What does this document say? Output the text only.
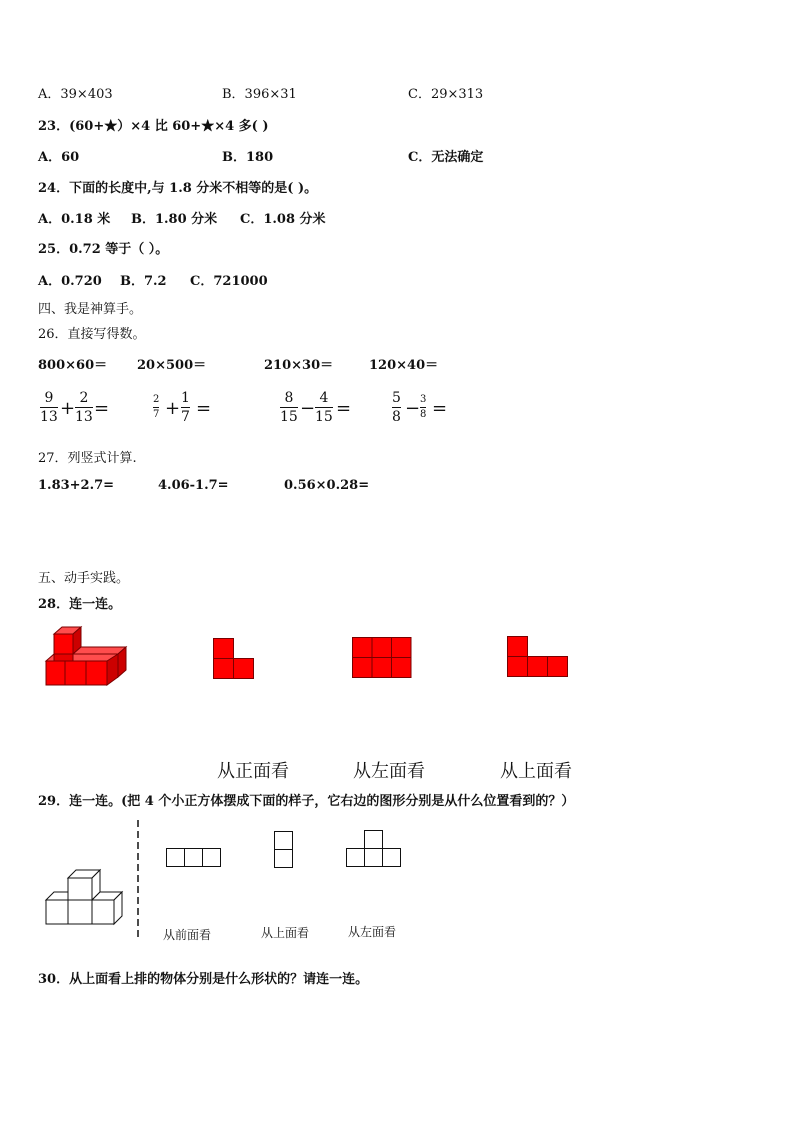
A．39×403	B．396×31	C．29×313
23．(60+★）×4 比 60+★×4 多( )
A．60	B．180	C．无法确定
24．下面的长度中,与 1.8 分米不相等的是( )。
A．0.18 米 B．1.80 分米 C．1.08 分米
25．0.72 等于（ ）。
A．0.720 B．7.2 C．721000
四、我是神算手。
26．直接写得数。
800×60＝ 20×500＝	210×30＝	120×40＝
9
13 + 2
13 =	2
7 + 1
7 =	8
15 − 4
15 =	5
8 − 3
8 =
27．列竖式计算.
1.83+2.7=	4.06-1.7=	0.56×0.28=
五、动手实践。
28．连一连。
从正面看	从左面看	从上面看
29．连一连。(把 4 个小正方体摆成下面的样子，它右边的图形分别是从什么位置看到的？）
从前面看	从上面看	从左面看
30．从上面看上排的物体分别是什么形状的？请连一连。
